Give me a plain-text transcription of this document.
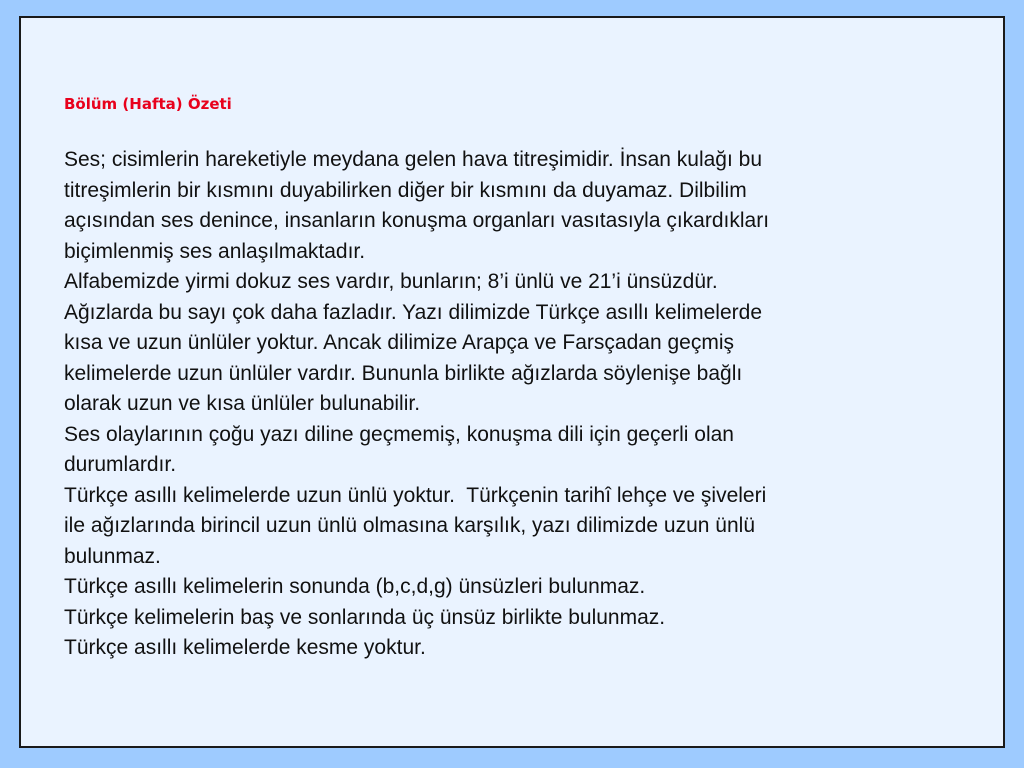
Bölüm (Hafta) Özeti
Ses; cisimlerin hareketiyle meydana gelen hava titreşimidir. İnsan kulağı bu
titreşimlerin bir kısmını duyabilirken diğer bir kısmını da duyamaz. Dilbilim
açısından ses denince, insanların konuşma organları vasıtasıyla çıkardıkları
biçimlenmiş ses anlaşılmaktadır.
Alfabemizde yirmi dokuz ses vardır, bunların; 8’i ünlü ve 21’i ünsüzdür.
Ağızlarda bu sayı çok daha fazladır. Yazı dilimizde Türkçe asıllı kelimelerde
kısa ve uzun ünlüler yoktur. Ancak dilimize Arapça ve Farsçadan geçmiş
kelimelerde uzun ünlüler vardır. Bununla birlikte ağızlarda söylenişe bağlı
olarak uzun ve kısa ünlüler bulunabilir.
Ses olaylarının çoğu yazı diline geçmemiş, konuşma dili için geçerli olan
durumlardır.
Türkçe asıllı kelimelerde uzun ünlü yoktur.  Türkçenin tarihî lehçe ve şiveleri
ile ağızlarında birincil uzun ünlü olmasına karşılık, yazı dilimizde uzun ünlü
bulunmaz.
Türkçe asıllı kelimelerin sonunda (b,c,d,g) ünsüzleri bulunmaz.
Türkçe kelimelerin baş ve sonlarında üç ünsüz birlikte bulunmaz.
Türkçe asıllı kelimelerde kesme yoktur.
